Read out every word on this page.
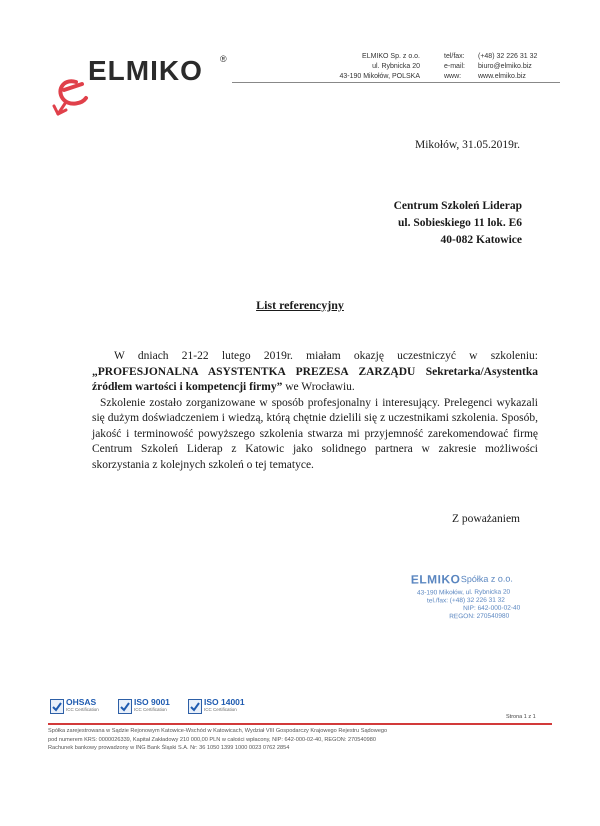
ELMIKO ®	ELMIKO Sp. z o.o.
ul. Rybnicka 20
43-190 Mikołów, POLSKA
tel/fax:
e-mail:
www:
(+48) 32 226 31 32
biuro@elmiko.biz
www.elmiko.biz
Mikołów, 31.05.2019r.
Centrum Szkoleń Liderap
ul. Sobieskiego 11 lok. E6
40-082 Katowice
List referencyjny

W dniach 21-22 lutego 2019r. miałam okazję uczestniczyć w szkoleniu: „PROFESJONALNA ASYSTENTKA PREZESA ZARZĄDU Sekretarka/Asystentka źródłem wartości i kompetencji firmy” we Wrocławiu.

Szkolenie zostało zorganizowane w sposób profesjonalny i interesujący. Prelegenci wykazali się dużym doświadczeniem i wiedzą, którą chętnie dzielili się z uczestnikami szkolenia. Sposób, jakość i terminowość powyższego szkolenia stwarza mi przyjemność zarekomendować firmę Centrum Szkoleń Liderap z Katowic jako solidnego partnera w zakresie możliwości skorzystania z kolejnych szkoleń o tej tematyce.

Z poważaniem
ELMIKO Spółka z o.o.
43-190 Mikołów, ul. Rybnicka 20
tel./fax: (+48) 32 226 31 32
NIP: 642-000-02-40
REGON: 270540980
OHSAS
ICC Certification
ISO 9001
ICC Certification
ISO 14001
ICC Certification
Strona 1 z 1
Spółka zarejestrowana w Sądzie Rejonowym Katowice-Wschód w Katowicach, Wydział VIII Gospodarczy Krajowego Rejestru Sądowego
pod numerem KRS: 0000026339, Kapitał Zakładowy 210 000,00 PLN w całości wpłacony, NIP: 642-000-02-40, REGON: 270540980
Rachunek bankowy prowadzony w ING Bank Śląski S.A. Nr: 36 1050 1399 1000 0023 0762 2854
